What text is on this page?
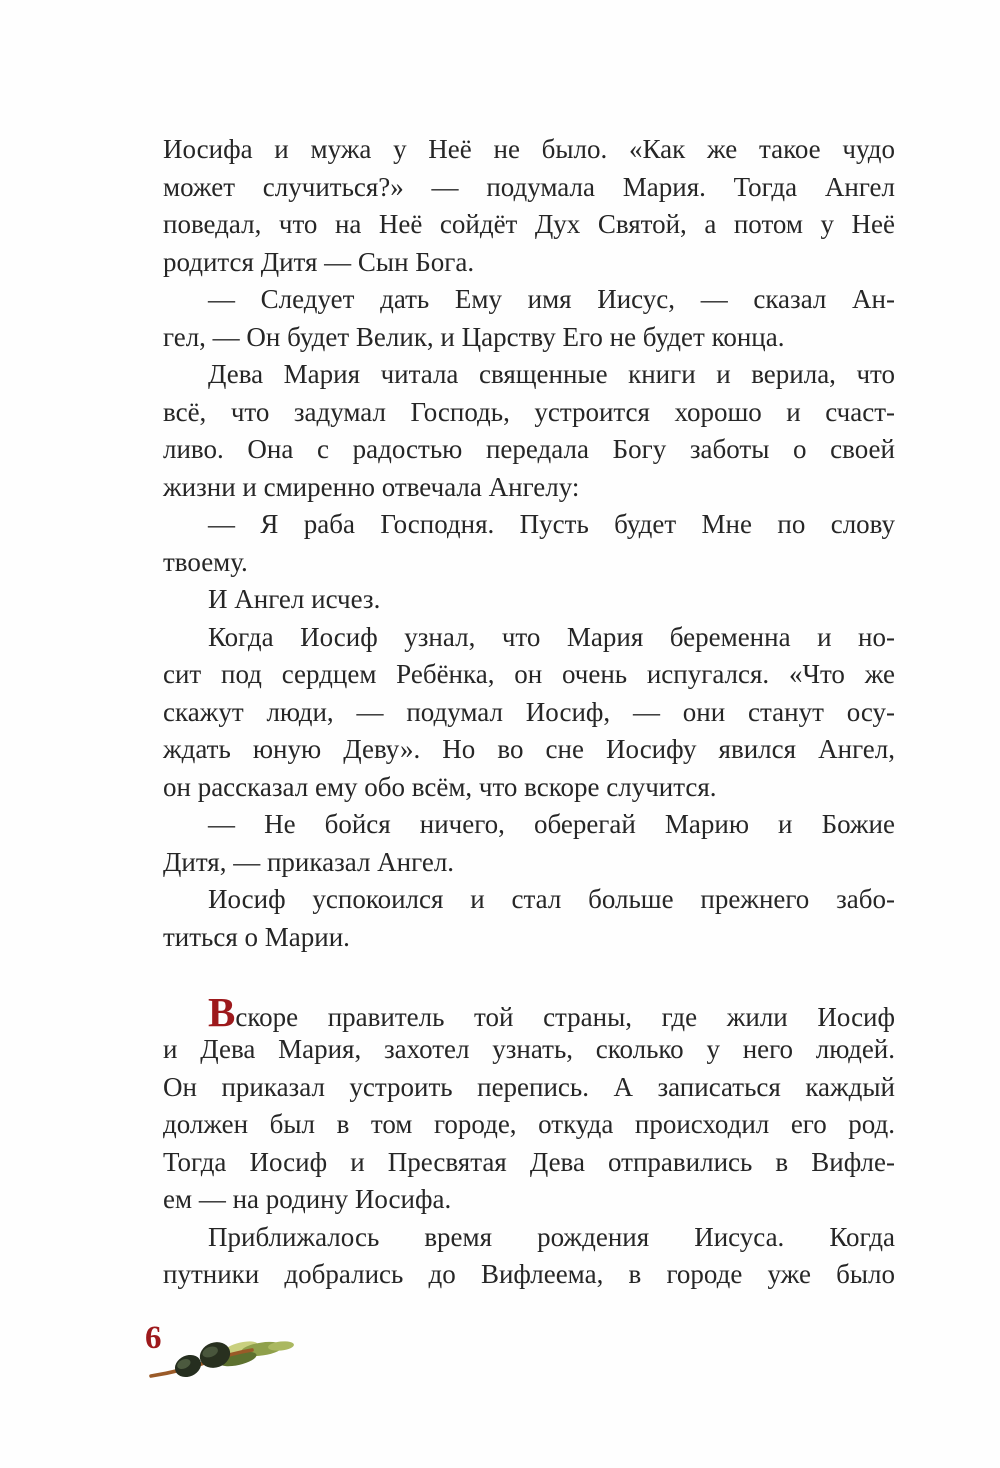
Иосифа и мужа у Неё не было. «Как же такое чудо
может случиться?» — подумала Мария. Тогда Ангел
поведал, что на Неё сойдёт Дух Святой, а потом у Неё
родится Дитя — Сын Бога.
— Следует дать Ему имя Иисус, — сказал Ан-
гел, — Он будет Велик, и Царству Его не будет конца.
Дева Мария читала священные книги и верила, что
всё, что задумал Господь, устроится хорошо и счаст-
ливо. Она с радостью передала Богу заботы о своей
жизни и смиренно отвечала Ангелу:
— Я раба Господня. Пусть будет Мне по слову
твоему.
И Ангел исчез.
Когда Иосиф узнал, что Мария беременна и но-
сит под сердцем Ребёнка, он очень испугался. «Что же
скажут люди, — подумал Иосиф, — они станут осу-
ждать юную Деву». Но во сне Иосифу явился Ангел,
он рассказал ему обо всём, что вскоре случится.
— Не бойся ничего, оберегай Марию и Божие
Дитя, — приказал Ангел.
Иосиф успокоился и стал больше прежнего забо-
титься о Марии.
Вскоре правитель той страны, где жили Иосиф
и Дева Мария, захотел узнать, сколько у него людей.
Он приказал устроить перепись. А записаться каждый
должен был в том городе, откуда происходил его род.
Тогда Иосиф и Пресвятая Дева отправились в Вифле-
ем — на родину Иосифа.
Приближалось время рождения Иисуса. Когда
путники добрались до Вифлеема, в городе уже было
6
